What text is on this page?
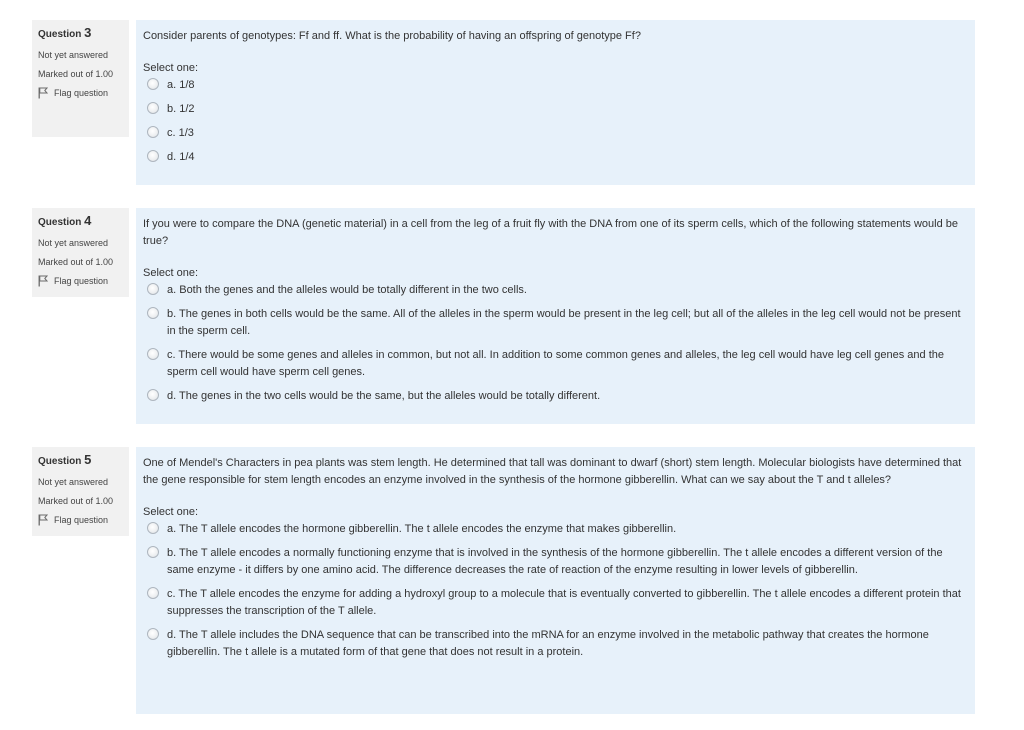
Question 3
Not yet answered
Marked out of 1.00
Flag question

Consider parents of genotypes: Ff and ff. What is the probability of having an offspring of genotype Ff?

Select one:
a. 1/8
b. 1/2
c. 1/3
d. 1/4
Question 4
Not yet answered
Marked out of 1.00
Flag question

If you were to compare the DNA (genetic material) in a cell from the leg of a fruit fly with the DNA from one of its sperm cells, which of the following statements would be true?

Select one:
a. Both the genes and the alleles would be totally different in the two cells.
b. The genes in both cells would be the same. All of the alleles in the sperm would be present in the leg cell; but all of the alleles in the leg cell would not be present in the sperm cell.
c. There would be some genes and alleles in common, but not all. In addition to some common genes and alleles, the leg cell would have leg cell genes and the sperm cell would have sperm cell genes.
d. The genes in the two cells would be the same, but the alleles would be totally different.
Question 5
Not yet answered
Marked out of 1.00
Flag question

One of Mendel's Characters in pea plants was stem length. He determined that tall was dominant to dwarf (short) stem length. Molecular biologists have determined that the gene responsible for stem length encodes an enzyme involved in the synthesis of the hormone gibberellin. What can we say about the T and t alleles?

Select one:
a. The T allele encodes the hormone gibberellin. The t allele encodes the enzyme that makes gibberellin.
b. The T allele encodes a normally functioning enzyme that is involved in the synthesis of the hormone gibberellin. The t allele encodes a different version of the same enzyme - it differs by one amino acid. The difference decreases the rate of reaction of the enzyme resulting in lower levels of gibberellin.
c. The T allele encodes the enzyme for adding a hydroxyl group to a molecule that is eventually converted to gibberellin. The t allele encodes a different protein that suppresses the transcription of the T allele.
d. The T allele includes the DNA sequence that can be transcribed into the mRNA for an enzyme involved in the metabolic pathway that creates the hormone gibberellin. The t allele is a mutated form of that gene that does not result in a protein.
